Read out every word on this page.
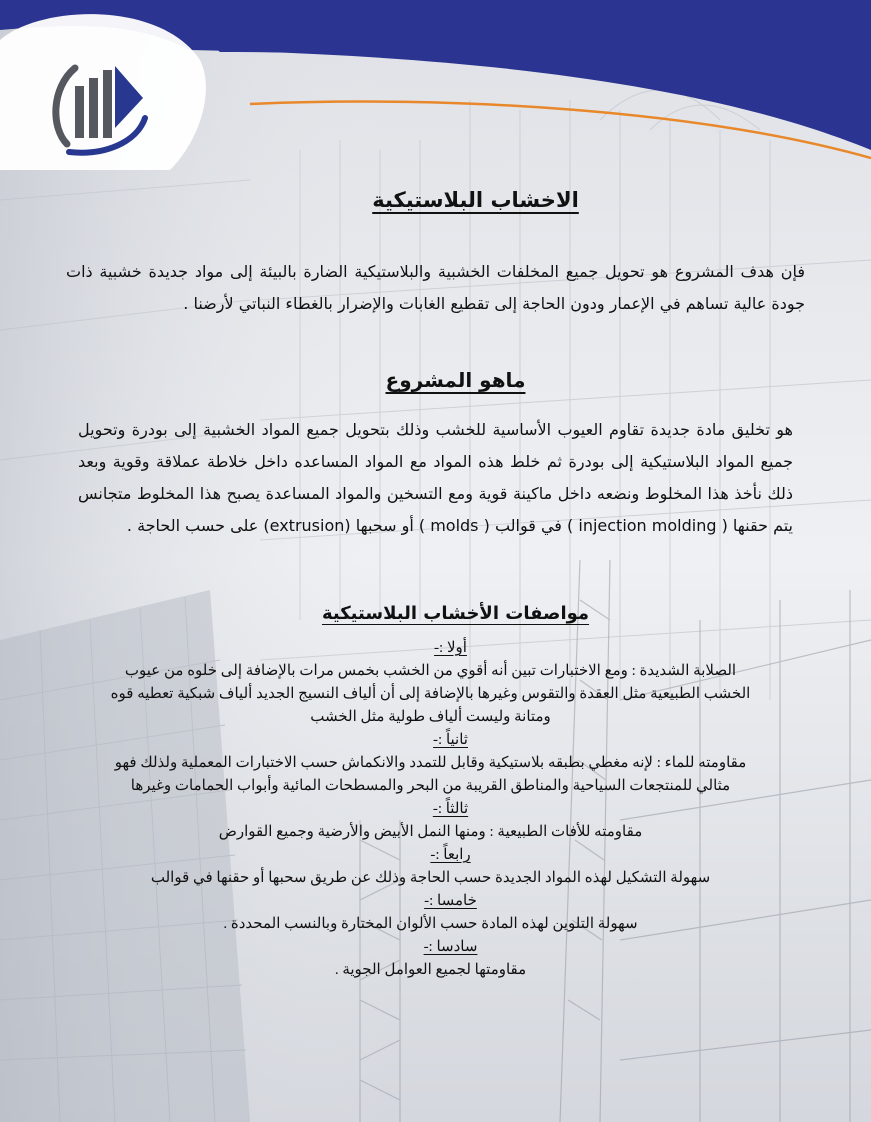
الاخشاب البلاستيكية

فإن هدف المشروع هو تحويل جميع المخلفات الخشبية والبلاستيكية الضارة بالبيئة إلى مواد جديدة خشبية ذات جودة عالية تساهم في الإعمار ودون الحاجة إلى تقطيع الغابات والإضرار بالغطاء النباتي لأرضنا .

ماهو المشروع

هو تخليق مادة جديدة تقاوم العيوب الأساسية للخشب وذلك بتحويل جميع المواد الخشبية إلى بودرة وتحويل جميع المواد البلاستيكية إلى بودرة ثم خلط هذه المواد مع المواد المساعده داخل خلاطة عملاقة وقوية وبعد ذلك نأخذ هذا المخلوط ونضعه داخل ماكينة قوية ومع التسخين والمواد المساعدة يصبح هذا المخلوط متجانس يتم حقنها ( injection molding ) في قوالب ( molds ) أو سحبها (extrusion) على حسب الحاجة .

مواصفات الأخشاب البلاستيكية
أولا :-
الصلابة الشديدة : ومع الاختبارات تبين أنه أقوي من الخشب بخمس مرات بالإضافة إلى خلوه من عيوب الخشب الطبيعية مثل العقدة والتقوس وغيرها بالإضافة إلى أن ألياف النسيج الجديد ألياف شبكية تعطيه قوه ومتانة وليست ألياف طولية مثل الخشب
ثانياً :-
مقاومته للماء : لإنه مغطي بطبقه بلاستيكية وقابل للتمدد والانكماش حسب الاختبارات المعملية ولذلك فهو مثالي للمنتجعات السياحية والمناطق القريبة من البحر والمسطحات المائية وأبواب الحمامات وغيرها
ثالثاً :-
مقاومته للأفات الطبيعية : ومنها النمل الأبيض والأرضية وجميع القوارض
رابعاً :-
سهولة التشكيل لهذه المواد الجديدة حسب الحاجة وذلك عن طريق سحبها أو حقنها في قوالب
خامسا :-
سهولة التلوين لهذه المادة حسب الألوان المختارة وبالنسب المحددة .
سادسا :-
مقاومتها لجميع العوامل الجوية .
